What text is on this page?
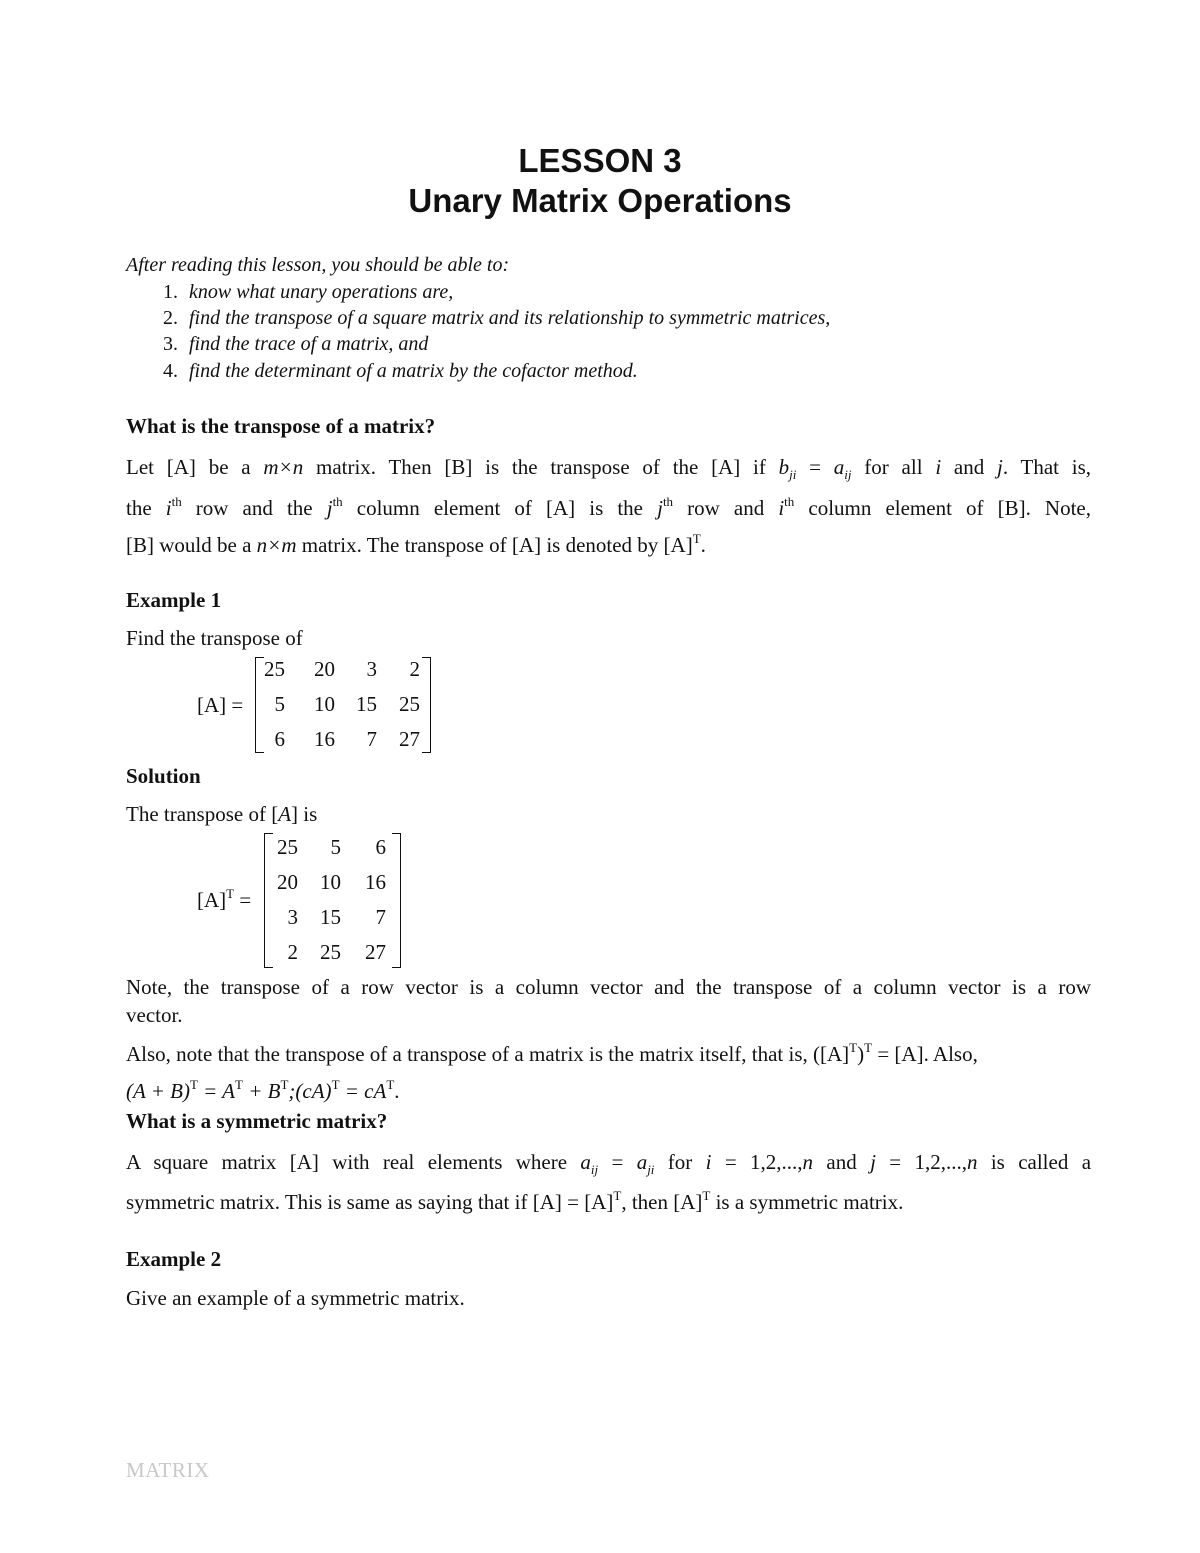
LESSON 3
Unary Matrix Operations
After reading this lesson, you should be able to:
1. know what unary operations are,
2. find the transpose of a square matrix and its relationship to symmetric matrices,
3. find the trace of a matrix, and
4. find the determinant of a matrix by the cofactor method.
What is the transpose of a matrix?
Let [A] be a m×n matrix. Then [B] is the transpose of the [A] if $b_{ji} = a_{ij}$ for all i and j. That is,
the $i^{th}$ row and the $j^{th}$ column element of [A] is the $j^{th}$ row and $i^{th}$ column element of [B]. Note,
[B] would be a n×m matrix. The transpose of [A] is denoted by $[A]^T$.
Example 1
Find the transpose of
[A] =
25	20	3	2
5	10	15	25
6	16	7	27
Solution
The transpose of [A] is
$[A]^T$ =
25	5	6
20	10	16
3	15	7
2	25	27
Note, the transpose of a row vector is a column vector and the transpose of a column vector is a row
vector.
Also, note that the transpose of a transpose of a matrix is the matrix itself, that is, $([A]^T)^T = [A]$. Also,
$(A + B)^T = A^T$ + $B^T;(cA)^T = cA^T$.
What is a symmetric matrix?
A square matrix [A] with real elements where $a_{ij} = a_{ji}$ for i = 1,2,...,n and j = 1,2,...,n is called a
symmetric matrix. This is same as saying that if $[A] = [A]^T$, then $[A]^T$ is a symmetric matrix.
Example 2
Give an example of a symmetric matrix.
MATRIX
